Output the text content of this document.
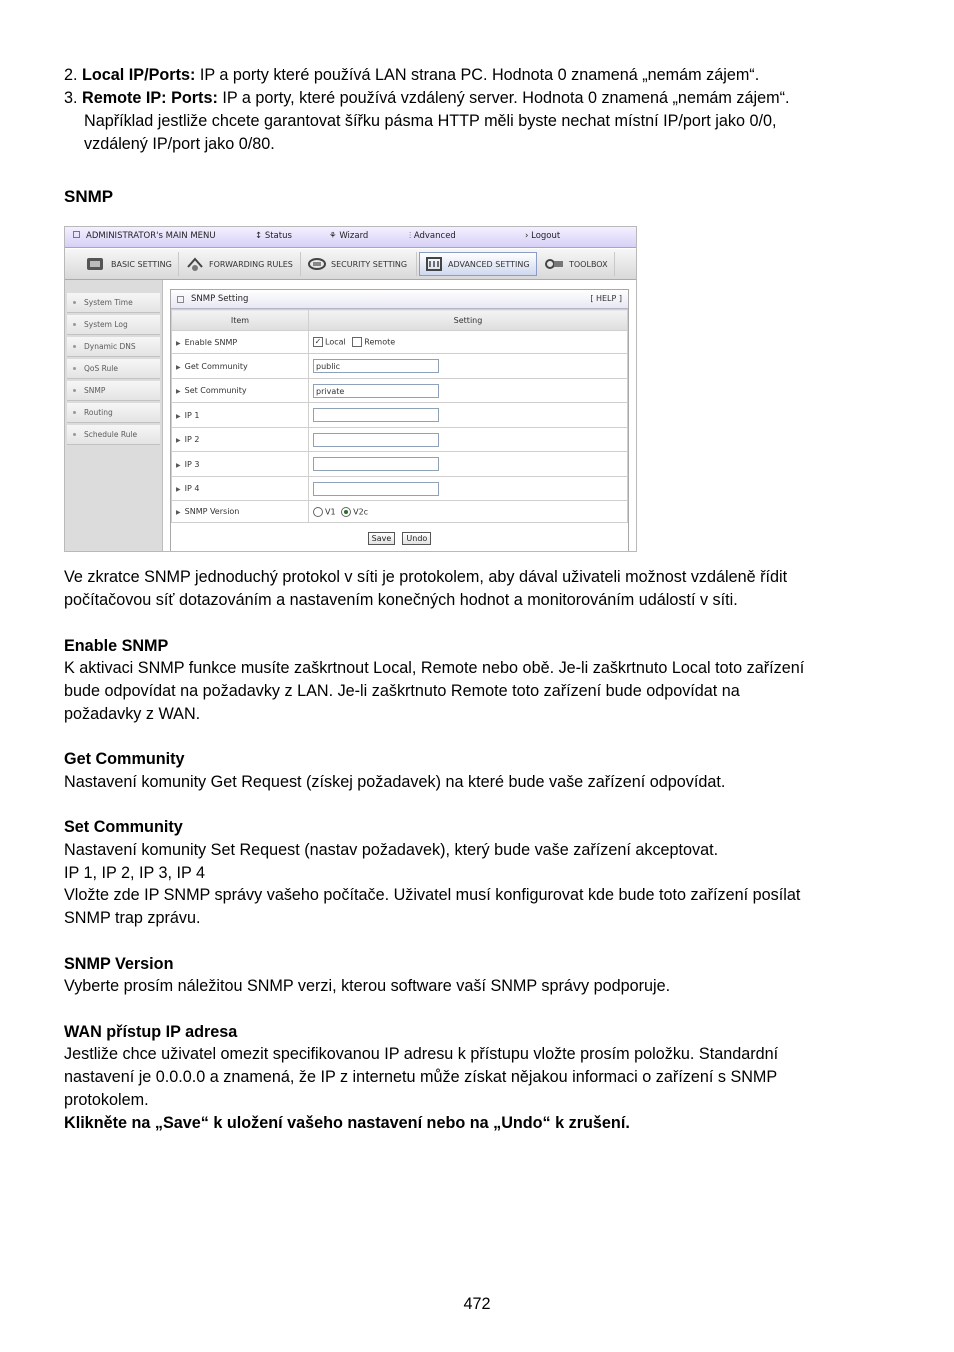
2. Local IP/Ports: IP a porty které používá LAN strana PC. Hodnota 0 znamená „nemám zájem“.
3. Remote IP: Ports: IP a porty, které používá vzdálený server. Hodnota 0 znamená „nemám zájem“.
Například jestliže chcete garantovat šířku pásma HTTP měli byste nechat místní IP/port jako 0/0,
vzdálený IP/port jako 0/80.
SNMP
ADMINISTRATOR's MAIN MENU	↕ Status	⚘ Wizard	⫶ Advanced	› Logout
BASIC SETTING	FORWARDING RULES	SECURITY SETTING	ADVANCED SETTING	TOOLBOX
System Time
System Log
Dynamic DNS
QoS Rule
SNMP
Routing
Schedule Rule
SNMP Setting	[ HELP ]
Item	Setting
▶ Enable SNMP	✓ Local Remote
▶ Get Community	public
▶ Set Community	private
▶ IP 1	
▶ IP 2	
▶ IP 3	
▶ IP 4	
▶ SNMP Version	V1 V2c
Save Undo
Ve zkratce SNMP jednoduchý protokol v síti je protokolem, aby dával uživateli možnost vzdáleně řídit
počítačovou síť dotazováním a nastavením konečných hodnot a monitorováním událostí v síti.
Enable SNMP
K aktivaci SNMP funkce musíte zaškrtnout Local, Remote nebo obě. Je-li zaškrtnuto Local toto zařízení
bude odpovídat na požadavky z LAN. Je-li zaškrtnuto Remote toto zařízení bude odpovídat na
požadavky z WAN.
Get Community
Nastavení komunity Get Request (získej požadavek) na které bude vaše zařízení odpovídat.
Set Community
Nastavení komunity Set Request (nastav požadavek), který bude vaše zařízení akceptovat.
IP 1, IP 2, IP 3, IP 4
Vložte zde IP SNMP správy vašeho počítače. Uživatel musí konfigurovat kde bude toto zařízení posílat
SNMP trap zprávu.
SNMP Version
Vyberte prosím náležitou SNMP verzi, kterou software vaší SNMP správy podporuje.
WAN přístup IP adresa
Jestliže chce uživatel omezit specifikovanou IP adresu k přístupu vložte prosím položku. Standardní
nastavení je 0.0.0.0 a znamená, že IP z internetu může získat nějakou informaci o zařízení s SNMP
protokolem.
Klikněte na „Save“ k uložení vašeho nastavení nebo na „Undo“ k zrušení.
472
